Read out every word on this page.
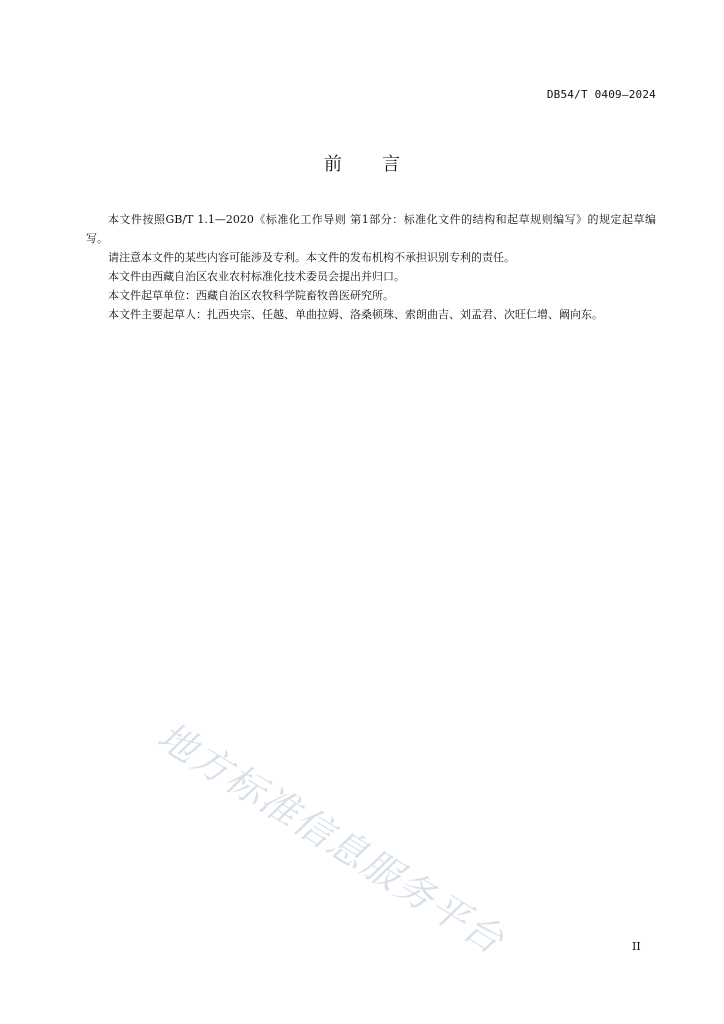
DB54/T 0409—2024
前言

本文件按照GB/T 1.1—2020《标准化工作导则 第1部分：标准化文件的结构和起草规则编写》的规定起草编写。

请注意本文件的某些内容可能涉及专利。本文件的发布机构不承担识别专利的责任。

本文件由西藏自治区农业农村标准化技术委员会提出并归口。

本文件起草单位：西藏自治区农牧科学院畜牧兽医研究所。

本文件主要起草人：扎西央宗、任越、单曲拉姆、洛桑顿珠、索朗曲吉、刘孟君、次旺仁增、阚向东。

地方标准信息服务平台	II
